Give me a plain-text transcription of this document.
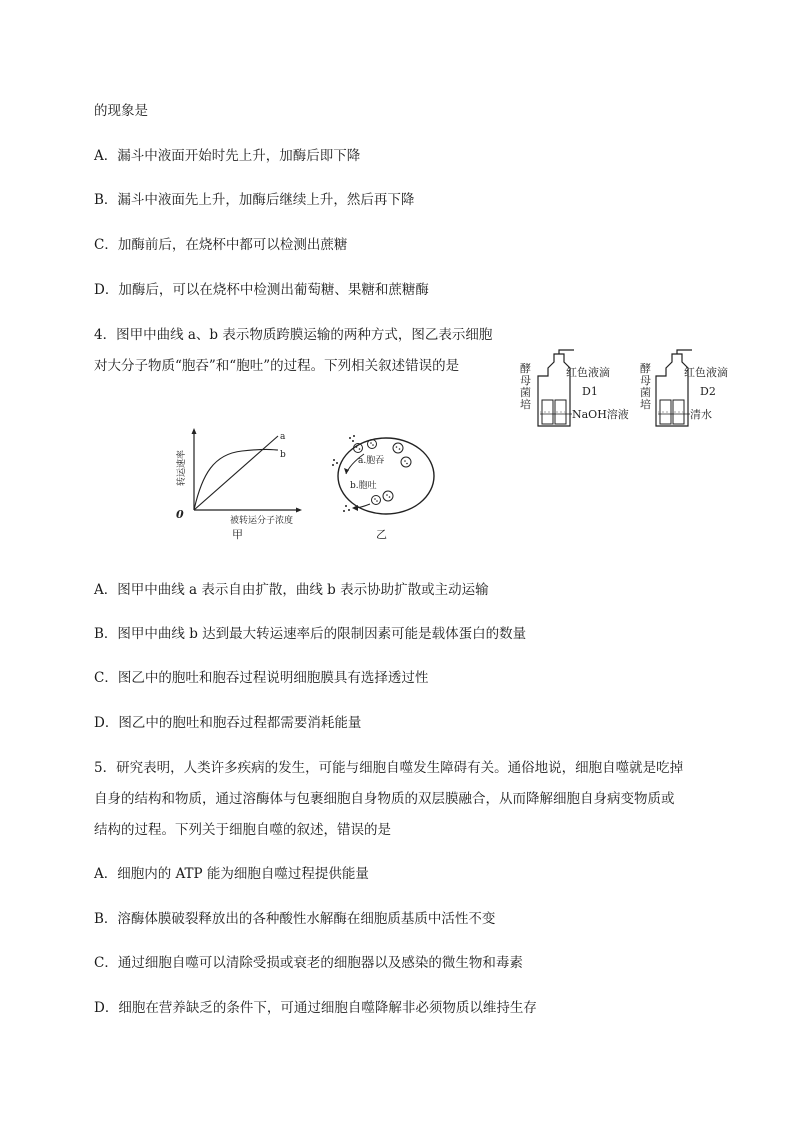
的现象是
A．漏斗中液面开始时先上升，加酶后即下降
B．漏斗中液面先上升，加酶后继续上升，然后再下降
C．加酶前后，在烧杯中都可以检测出蔗糖
D．加酶后，可以在烧杯中检测出葡萄糖、果糖和蔗糖酶
4．图甲中曲线 a、b 表示物质跨膜运输的两种方式，图乙表示细胞
对大分子物质“胞吞”和“胞吐”的过程。下列相关叙述错误的是	酵
母
菌
培
红色液滴
D1
NaOH溶液
酵
母
菌
培
红色液滴
D2
清水
转运速率
a
b
0	被转运分子浓度
甲
a.胞吞
b.胞吐
乙
A．图甲中曲线 a 表示自由扩散，曲线 b 表示协助扩散或主动运输
B．图甲中曲线 b 达到最大转运速率后的限制因素可能是载体蛋白的数量
C．图乙中的胞吐和胞吞过程说明细胞膜具有选择透过性
D．图乙中的胞吐和胞吞过程都需要消耗能量
5．研究表明，人类许多疾病的发生，可能与细胞自噬发生障碍有关。通俗地说，细胞自噬就是吃掉
自身的结构和物质，通过溶酶体与包裹细胞自身物质的双层膜融合，从而降解细胞自身病变物质或
结构的过程。下列关于细胞自噬的叙述，错误的是
A．细胞内的 ATP 能为细胞自噬过程提供能量
B．溶酶体膜破裂释放出的各种酸性水解酶在细胞质基质中活性不变
C．通过细胞自噬可以清除受损或衰老的细胞器以及感染的微生物和毒素
D．细胞在营养缺乏的条件下，可通过细胞自噬降解非必须物质以维持生存
